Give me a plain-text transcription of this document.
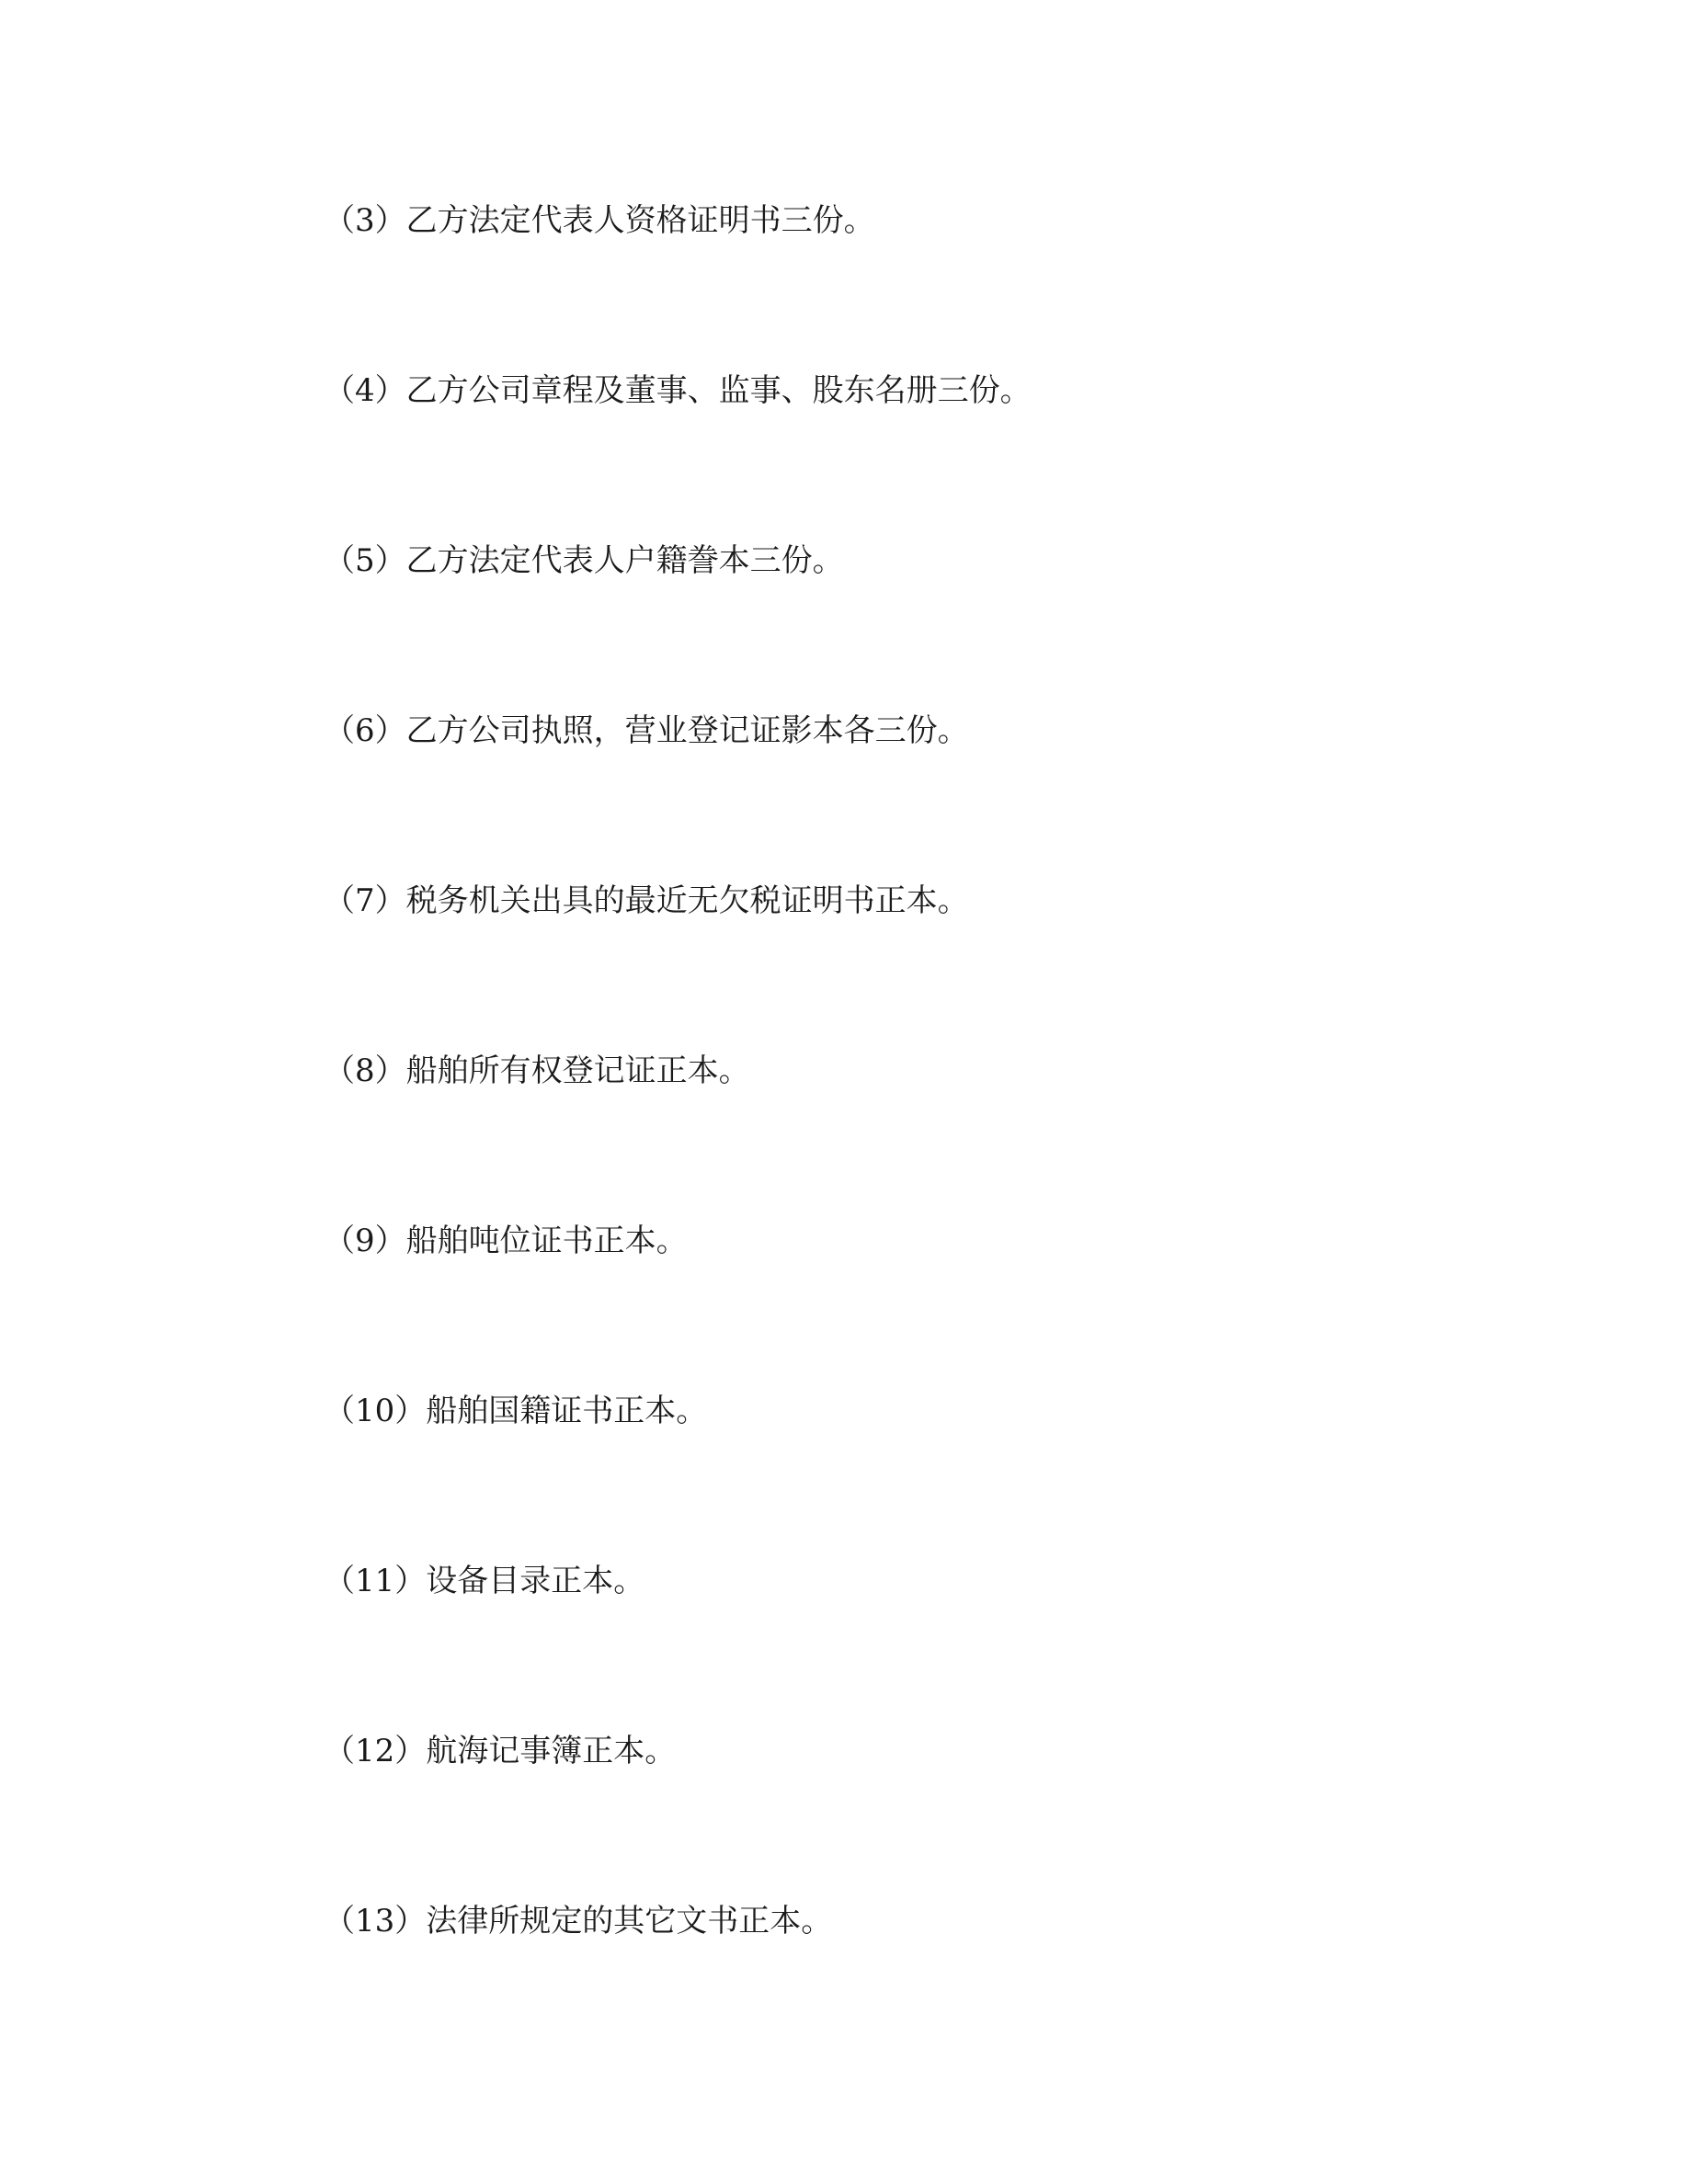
（3）乙方法定代表人资格证明书三份。
（4）乙方公司章程及董事、监事、股东名册三份。
（5）乙方法定代表人户籍誊本三份。
（6）乙方公司执照，营业登记证影本各三份。
（7）税务机关出具的最近无欠税证明书正本。
（8）船舶所有权登记证正本。
（9）船舶吨位证书正本。
（10）船舶国籍证书正本。
（11）设备目录正本。
（12）航海记事簿正本。
（13）法律所规定的其它文书正本。
